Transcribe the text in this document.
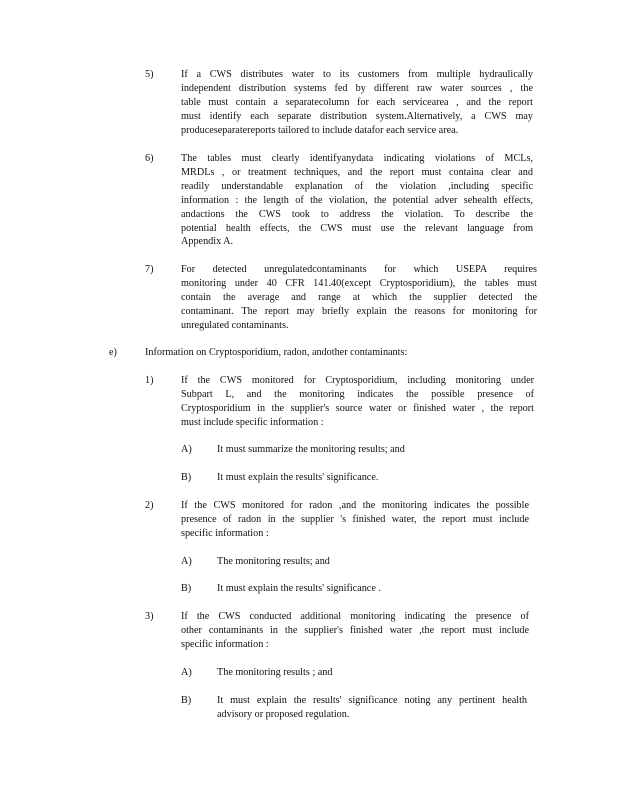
5)	If a CWS distributes water to its customers from multiple hydraulically
independent distribution systems fed by different raw water sources , the
table must contain a separatecolumn for each servicearea , and the report
must identify each separate distribution system.Alternatively, a CWS may
produceseparatereports tailored to include datafor each service area.
6)	The tables must clearly identifyanydata indicating violations of MCLs,
MRDLs , or treatment techniques, and the report must containa clear and
readily understandable explanation of the violation ,including specific
information : the length of the violation, the potential adver sehealth effects,
andactions the CWS took to address the violation. To describe the
potential health effects, the CWS must use the relevant language from
Appendix A.
7)	For detected unregulatedcontaminants for which USEPA requires
monitoring under 40 CFR 141.40(except Cryptosporidium), the tables must
contain the average and range at which the supplier detected the
contaminant. The report may briefly explain the reasons for monitoring for
unregulated contaminants.
e)	Information on Cryptosporidium, radon, andother contaminants:
1)	If the CWS monitored for Cryptosporidium, including monitoring under
Subpart L, and the monitoring indicates the possible presence of
Cryptosporidium in the supplier's source water or finished water , the report
must include specific information :
A) It must summarize the monitoring results; and
B)	It must explain the results' significance.
2)	If the CWS monitored for radon ,and the monitoring indicates the possible
presence of radon in the supplier 's finished water, the report must include
specific information :
A) The monitoring results; and
B)	It must explain the results' significance .
3)	If the CWS conducted additional monitoring indicating the presence of
other contaminants in the supplier's finished water ,the report must include
specific information :
A) The monitoring results ; and
B)	It must explain the results' significance noting any pertinent health
advisory or proposed regulation.
